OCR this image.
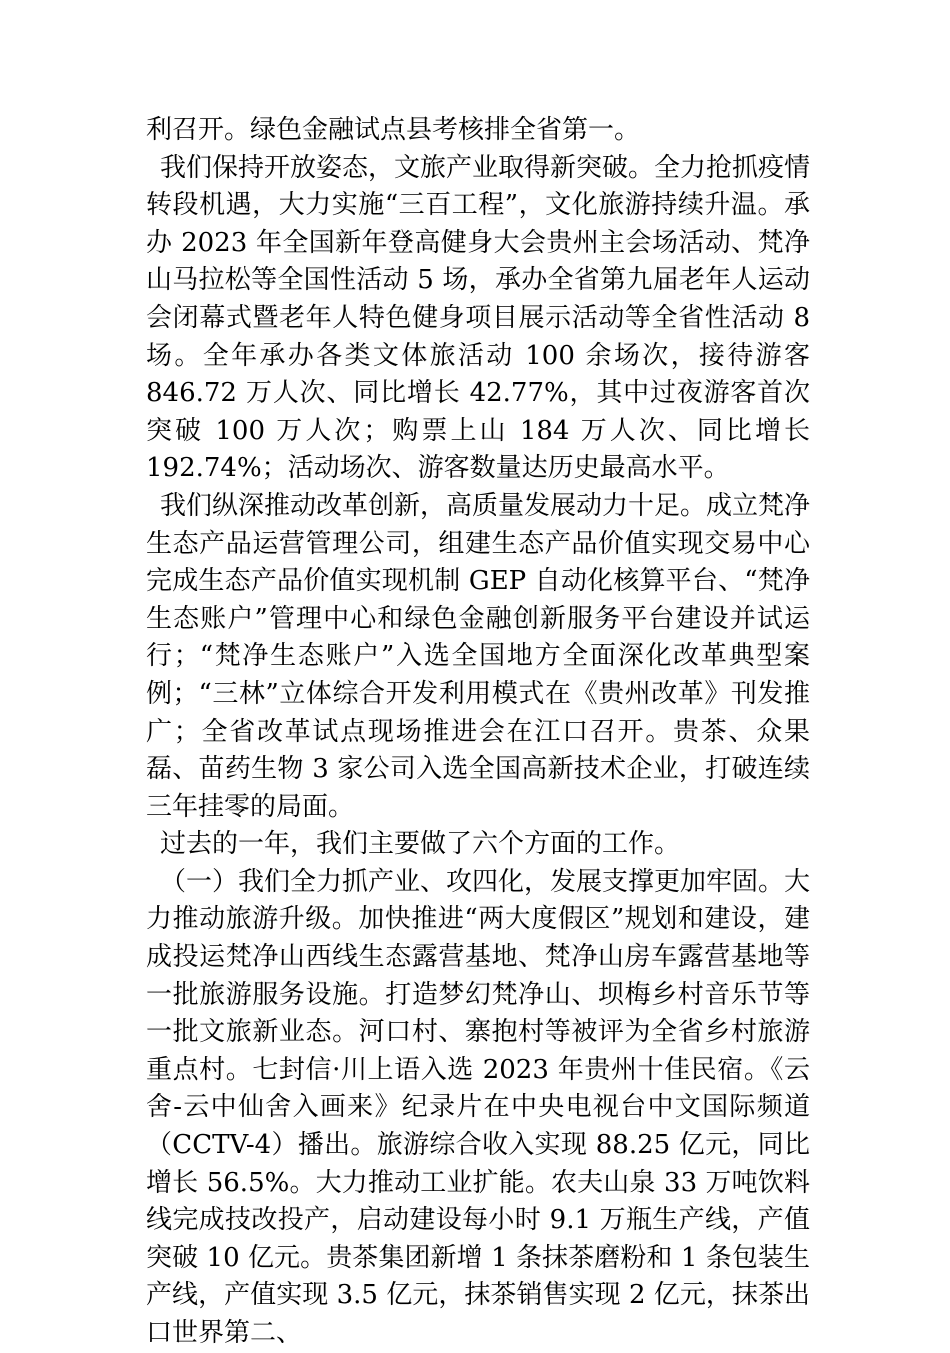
利召开。绿色金融试点县考核排全省第一。

我们保持开放姿态，文旅产业取得新突破。全力抢抓疫情转段机遇，大力实施“三百工程”，文化旅游持续升温。承办 2023 年全国新年登高健身大会贵州主会场活动、梵净山马拉松等全国性活动 5 场，承办全省第九届老年人运动会闭幕式暨老年人特色健身项目展示活动等全省性活动 8 场。全年承办各类文体旅活动 100 余场次，接待游客 846.72 万人次、同比增长 42.77%，其中过夜游客首次突破 100 万人次；购票上山 184 万人次、同比增长 192.74%；活动场次、游客数量达历史最高水平。

我们纵深推动改革创新，高质量发展动力十足。成立梵净生态产品运营管理公司，组建生态产品价值实现交易中心完成生态产品价值实现机制 GEP 自动化核算平台、“梵净生态账户”管理中心和绿色金融创新服务平台建设并试运行；“梵净生态账户”入选全国地方全面深化改革典型案例；“三林”立体综合开发利用模式在《贵州改革》刊发推广；全省改革试点现场推进会在江口召开。贵茶、众果磊、苗药生物 3 家公司入选全国高新技术企业，打破连续三年挂零的局面。

过去的一年，我们主要做了六个方面的工作。

（一）我们全力抓产业、攻四化，发展支撑更加牢固。大力推动旅游升级。加快推进“两大度假区”规划和建设，建成投运梵净山西线生态露营基地、梵净山房车露营基地等一批旅游服务设施。打造梦幻梵净山、坝梅乡村音乐节等一批文旅新业态。河口村、寨抱村等被评为全省乡村旅游重点村。七封信·川上语入选 2023 年贵州十佳民宿。《云舍-云中仙舍入画来》纪录片在中央电视台中文国际频道（CCTV-4）播出。旅游综合收入实现 88.25 亿元，同比增长 56.5%。大力推动工业扩能。农夫山泉 33 万吨饮料线完成技改投产，启动建设每小时 9.1 万瓶生产线，产值突破 10 亿元。贵茶集团新增 1 条抹茶磨粉和 1 条包装生产线，产值实现 3.5 亿元，抹茶销售实现 2 亿元，抹茶出口世界第二、
